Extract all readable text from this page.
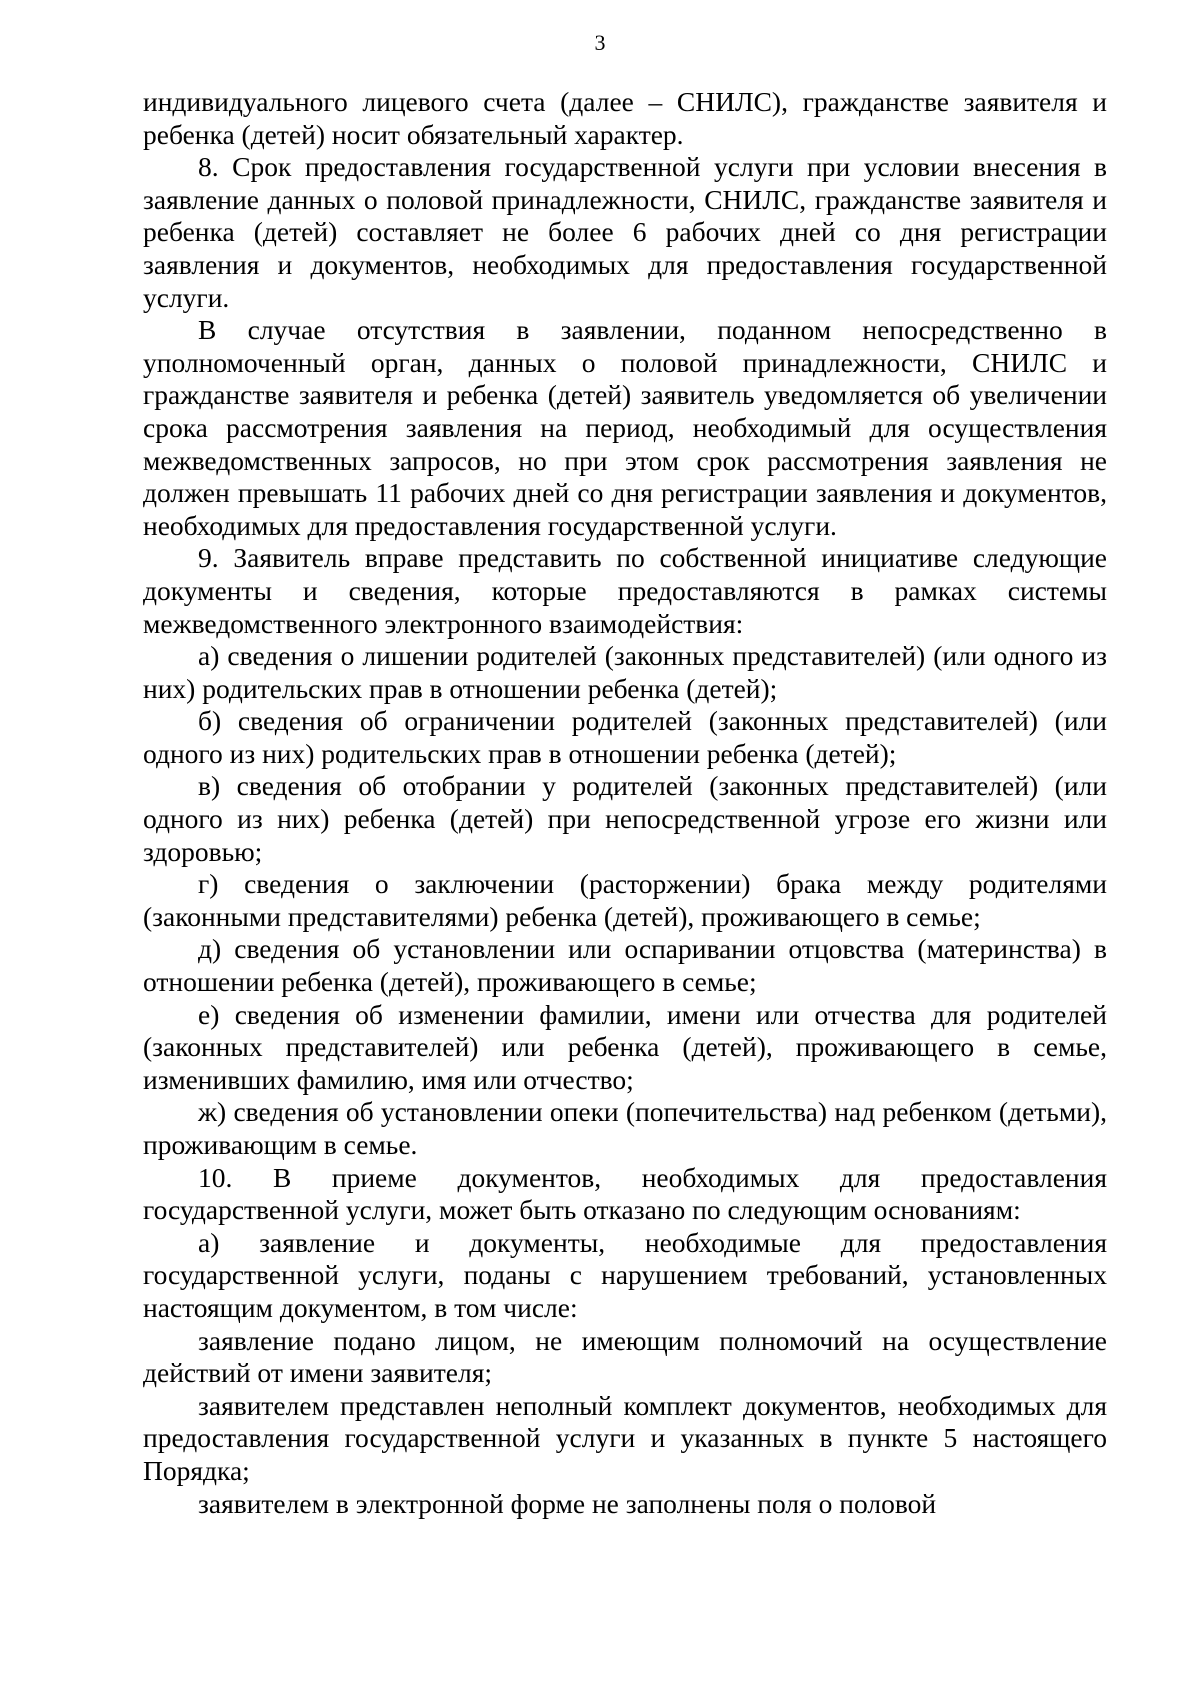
3

индивидуального лицевого счета (далее – СНИЛС), гражданстве заявителя и ребенка (детей) носит обязательный характер.

8. Срок предоставления государственной услуги при условии внесения в заявление данных о половой принадлежности, СНИЛС, гражданстве заявителя и ребенка (детей) составляет не более 6 рабочих дней со дня регистрации заявления и документов, необходимых для предоставления государственной услуги.

В случае отсутствия в заявлении, поданном непосредственно в уполномоченный орган, данных о половой принадлежности, СНИЛС и гражданстве заявителя и ребенка (детей) заявитель уведомляется об увеличении срока рассмотрения заявления на период, необходимый для осуществления межведомственных запросов, но при этом срок рассмотрения заявления не должен превышать 11 рабочих дней со дня регистрации заявления и документов, необходимых для предоставления государственной услуги.

9. Заявитель вправе представить по собственной инициативе следующие документы и сведения, которые предоставляются в рамках системы межведомственного электронного взаимодействия:

а) сведения о лишении родителей (законных представителей) (или одного из них) родительских прав в отношении ребенка (детей);

б) сведения об ограничении родителей (законных представителей) (или одного из них) родительских прав в отношении ребенка (детей);

в) сведения об отобрании у родителей (законных представителей) (или одного из них) ребенка (детей) при непосредственной угрозе его жизни или здоровью;

г) сведения о заключении (расторжении) брака между родителями (законными представителями) ребенка (детей), проживающего в семье;

д) сведения об установлении или оспаривании отцовства (материнства) в отношении ребенка (детей), проживающего в семье;

е) сведения об изменении фамилии, имени или отчества для родителей (законных представителей) или ребенка (детей), проживающего в семье, изменивших фамилию, имя или отчество;

ж) сведения об установлении опеки (попечительства) над ребенком (детьми), проживающим в семье.

10. В приеме документов, необходимых для предоставления государственной услуги, может быть отказано по следующим основаниям:

а) заявление и документы, необходимые для предоставления государственной услуги, поданы с нарушением требований, установленных настоящим документом, в том числе:

заявление подано лицом, не имеющим полномочий на осуществление действий от имени заявителя;

заявителем представлен неполный комплект документов, необходимых для предоставления государственной услуги и указанных в пункте 5 настоящего Порядка;

заявителем в электронной форме не заполнены поля о половой
